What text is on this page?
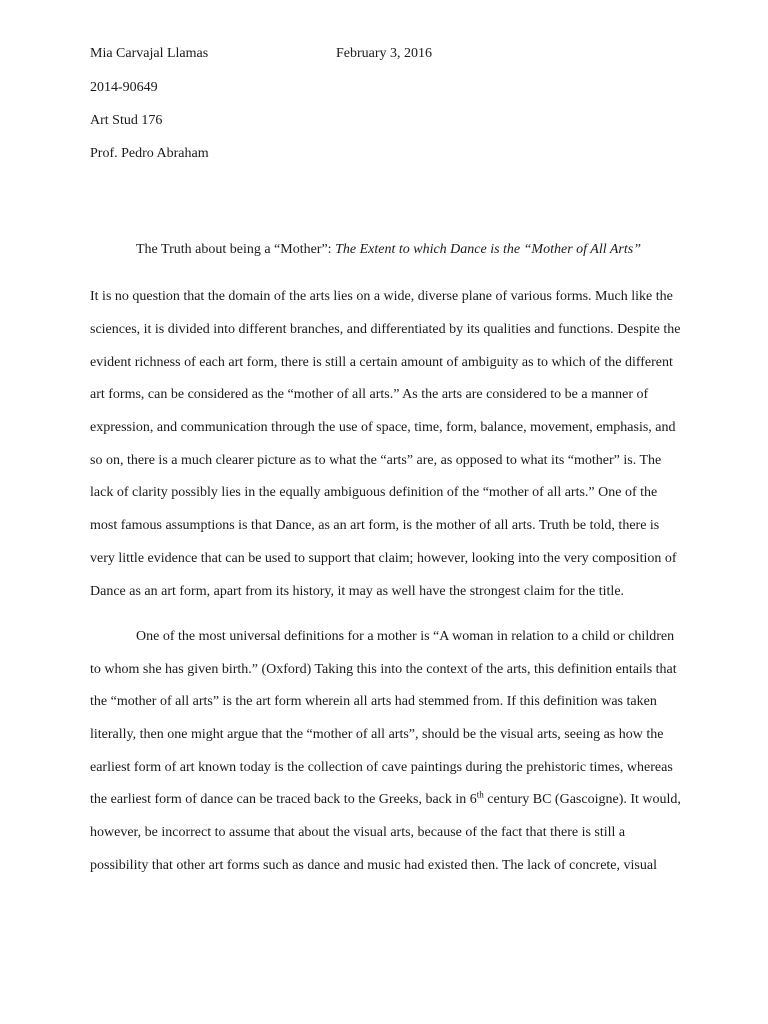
Mia Carvajal Llamas	February 3, 2016
2014-90649
Art Stud 176
Prof. Pedro Abraham
The Truth about being a “Mother”: The Extent to which Dance is the “Mother of All Arts”
It is no question that the domain of the arts lies on a wide, diverse plane of various forms. Much like the
sciences, it is divided into different branches, and differentiated by its qualities and functions. Despite the
evident richness of each art form, there is still a certain amount of ambiguity as to which of the different
art forms, can be considered as the “mother of all arts.” As the arts are considered to be a manner of
expression, and communication through the use of space, time, form, balance, movement, emphasis, and
so on, there is a much clearer picture as to what the “arts” are, as opposed to what its “mother” is. The
lack of clarity possibly lies in the equally ambiguous definition of the “mother of all arts.” One of the
most famous assumptions is that Dance, as an art form, is the mother of all arts. Truth be told, there is
very little evidence that can be used to support that claim; however, looking into the very composition of
Dance as an art form, apart from its history, it may as well have the strongest claim for the title.
One of the most universal definitions for a mother is “A woman in relation to a child or children
to whom she has given birth.” (Oxford) Taking this into the context of the arts, this definition entails that
the “mother of all arts” is the art form wherein all arts had stemmed from. If this definition was taken
literally, then one might argue that the “mother of all arts”, should be the visual arts, seeing as how the
earliest form of art known today is the collection of cave paintings during the prehistoric times, whereas
the earliest form of dance can be traced back to the Greeks, back in 6th century BC (Gascoigne). It would,
however, be incorrect to assume that about the visual arts, because of the fact that there is still a
possibility that other art forms such as dance and music had existed then. The lack of concrete, visual
